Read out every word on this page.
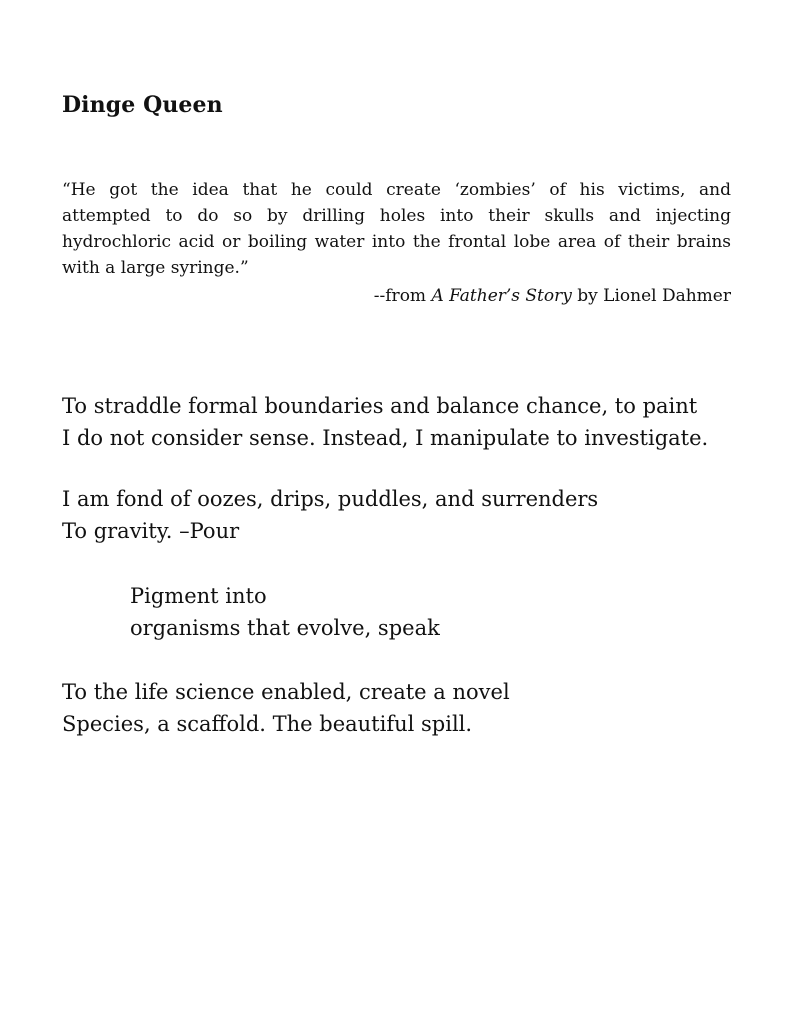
Dinge Queen
“He got the idea that he could create ‘zombies’ of his victims, and
attempted to do so by drilling holes into their skulls and injecting
hydrochloric acid or boiling water into the frontal lobe area of their brains
with a large syringe.”
--from A Father’s Story by Lionel Dahmer
To straddle formal boundaries and balance chance, to paint
I do not consider sense. Instead, I manipulate to investigate.
I am fond of oozes, drips, puddles, and surrenders
To gravity. –Pour
Pigment into
organisms that evolve, speak
To the life science enabled, create a novel
Species, a scaffold. The beautiful spill.
